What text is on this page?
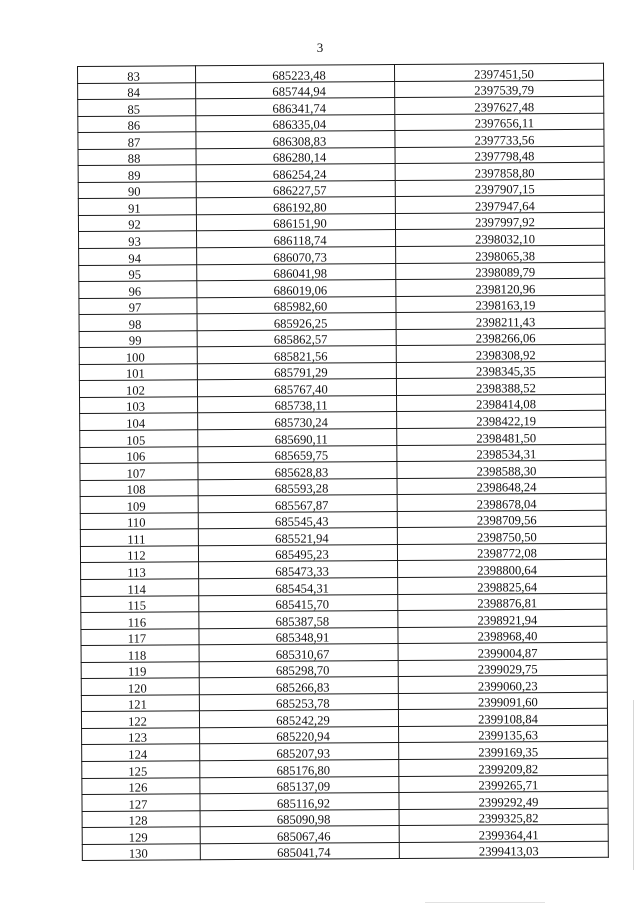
3
83	685223,48	2397451,50
84	685744,94	2397539,79
85	686341,74	2397627,48
86	686335,04	2397656,11
87	686308,83	2397733,56
88	686280,14	2397798,48
89	686254,24	2397858,80
90	686227,57	2397907,15
91	686192,80	2397947,64
92	686151,90	2397997,92
93	686118,74	2398032,10
94	686070,73	2398065,38
95	686041,98	2398089,79
96	686019,06	2398120,96
97	685982,60	2398163,19
98	685926,25	2398211,43
99	685862,57	2398266,06
100	685821,56	2398308,92
101	685791,29	2398345,35
102	685767,40	2398388,52
103	685738,11	2398414,08
104	685730,24	2398422,19
105	685690,11	2398481,50
106	685659,75	2398534,31
107	685628,83	2398588,30
108	685593,28	2398648,24
109	685567,87	2398678,04
110	685545,43	2398709,56
111	685521,94	2398750,50
112	685495,23	2398772,08
113	685473,33	2398800,64
114	685454,31	2398825,64
115	685415,70	2398876,81
116	685387,58	2398921,94
117	685348,91	2398968,40
118	685310,67	2399004,87
119	685298,70	2399029,75
120	685266,83	2399060,23
121	685253,78	2399091,60
122	685242,29	2399108,84
123	685220,94	2399135,63
124	685207,93	2399169,35
125	685176,80	2399209,82
126	685137,09	2399265,71
127	685116,92	2399292,49
128	685090,98	2399325,82
129	685067,46	2399364,41
130	685041,74	2399413,03
